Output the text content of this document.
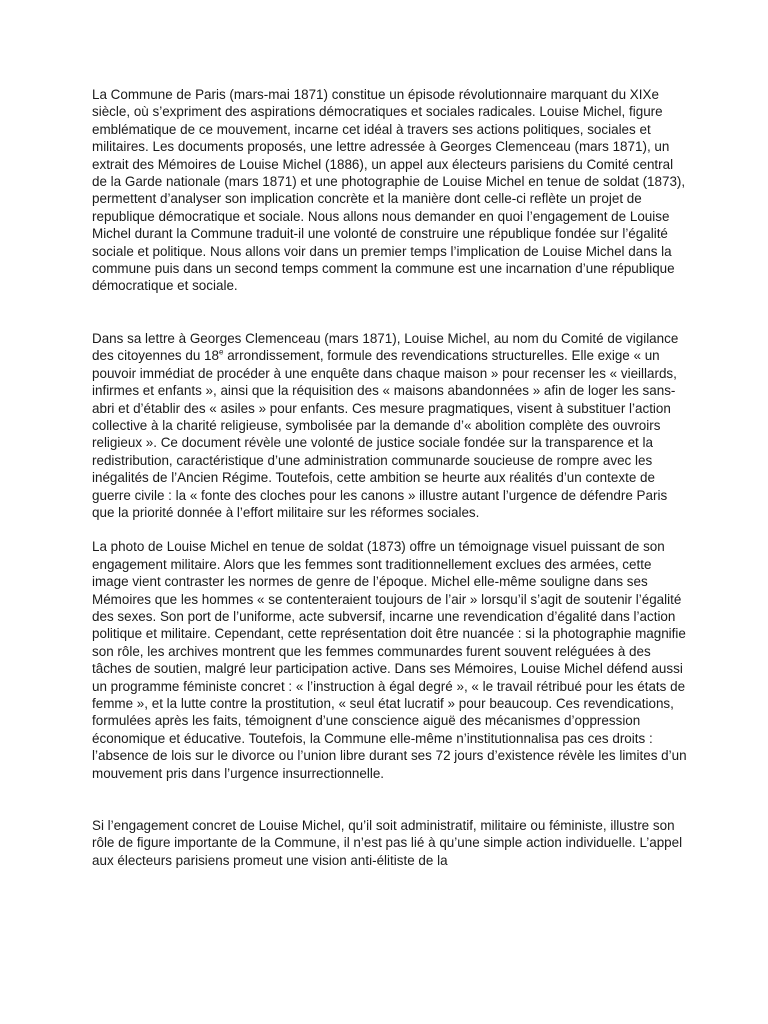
La Commune de Paris (mars-mai 1871) constitue un épisode révolutionnaire marquant du XIXe siècle, où s’expriment des aspirations démocratiques et sociales radicales. Louise Michel, figure emblématique de ce mouvement, incarne cet idéal à travers ses actions politiques, sociales et militaires. Les documents proposés, une lettre adressée à Georges Clemenceau (mars 1871), un extrait des Mémoires de Louise Michel (1886), un appel aux électeurs parisiens du Comité central de la Garde nationale (mars 1871) et une photographie de Louise Michel en tenue de soldat (1873), permettent d’analyser son implication concrète et la manière dont celle-ci reflète un projet de republique démocratique et sociale. Nous allons nous demander en quoi l’engagement de Louise Michel durant la Commune traduit-il une volonté de construire une république fondée sur l’égalité sociale et politique. Nous allons voir dans un premier temps l’implication de Louise Michel dans la commune puis dans un second temps comment la commune est une incarnation d’une république démocratique et sociale.

Dans sa lettre à Georges Clemenceau (mars 1871), Louise Michel, au nom du Comité de vigilance des citoyennes du 18e arrondissement, formule des revendications structurelles. Elle exige « un pouvoir immédiat de procéder à une enquête dans chaque maison » pour recenser les « vieillards, infirmes et enfants », ainsi que la réquisition des « maisons abandonnées » afin de loger les sans-abri et d’établir des « asiles » pour enfants. Ces mesure pragmatiques, visent à substituer l’action collective à la charité religieuse, symbolisée par la demande d’« abolition complète des ouvroirs religieux ». Ce document révèle une volonté de justice sociale fondée sur la transparence et la redistribution, caractéristique d’une administration communarde soucieuse de rompre avec les inégalités de l’Ancien Régime. Toutefois, cette ambition se heurte aux réalités d’un contexte de guerre civile : la « fonte des cloches pour les canons » illustre autant l’urgence de défendre Paris que la priorité donnée à l’effort militaire sur les réformes sociales.

La photo de Louise Michel en tenue de soldat (1873) offre un témoignage visuel puissant de son engagement militaire. Alors que les femmes sont traditionnellement exclues des armées, cette image vient contraster les normes de genre de l’époque. Michel elle-même souligne dans ses Mémoires que les hommes « se contenteraient toujours de l’air » lorsqu’il s’agit de soutenir l’égalité des sexes. Son port de l’uniforme, acte subversif, incarne une revendication d’égalité dans l’action politique et militaire. Cependant, cette représentation doit être nuancée : si la photographie magnifie son rôle, les archives montrent que les femmes communardes furent souvent reléguées à des tâches de soutien, malgré leur participation active. Dans ses Mémoires, Louise Michel défend aussi un programme féministe concret : « l’instruction à égal degré », « le travail rétribué pour les états de femme », et la lutte contre la prostitution, « seul état lucratif » pour beaucoup. Ces revendications, formulées après les faits, témoignent d’une conscience aiguë des mécanismes d’oppression économique et éducative. Toutefois, la Commune elle-même n’institutionnalisa pas ces droits : l’absence de lois sur le divorce ou l’union libre durant ses 72 jours d’existence révèle les limites d’un mouvement pris dans l’urgence insurrectionnelle.

Si l’engagement concret de Louise Michel, qu’il soit administratif, militaire ou féministe, illustre son rôle de figure importante de la Commune, il n’est pas lié à qu’une simple action individuelle. L’appel aux électeurs parisiens promeut une vision anti-élitiste de la
